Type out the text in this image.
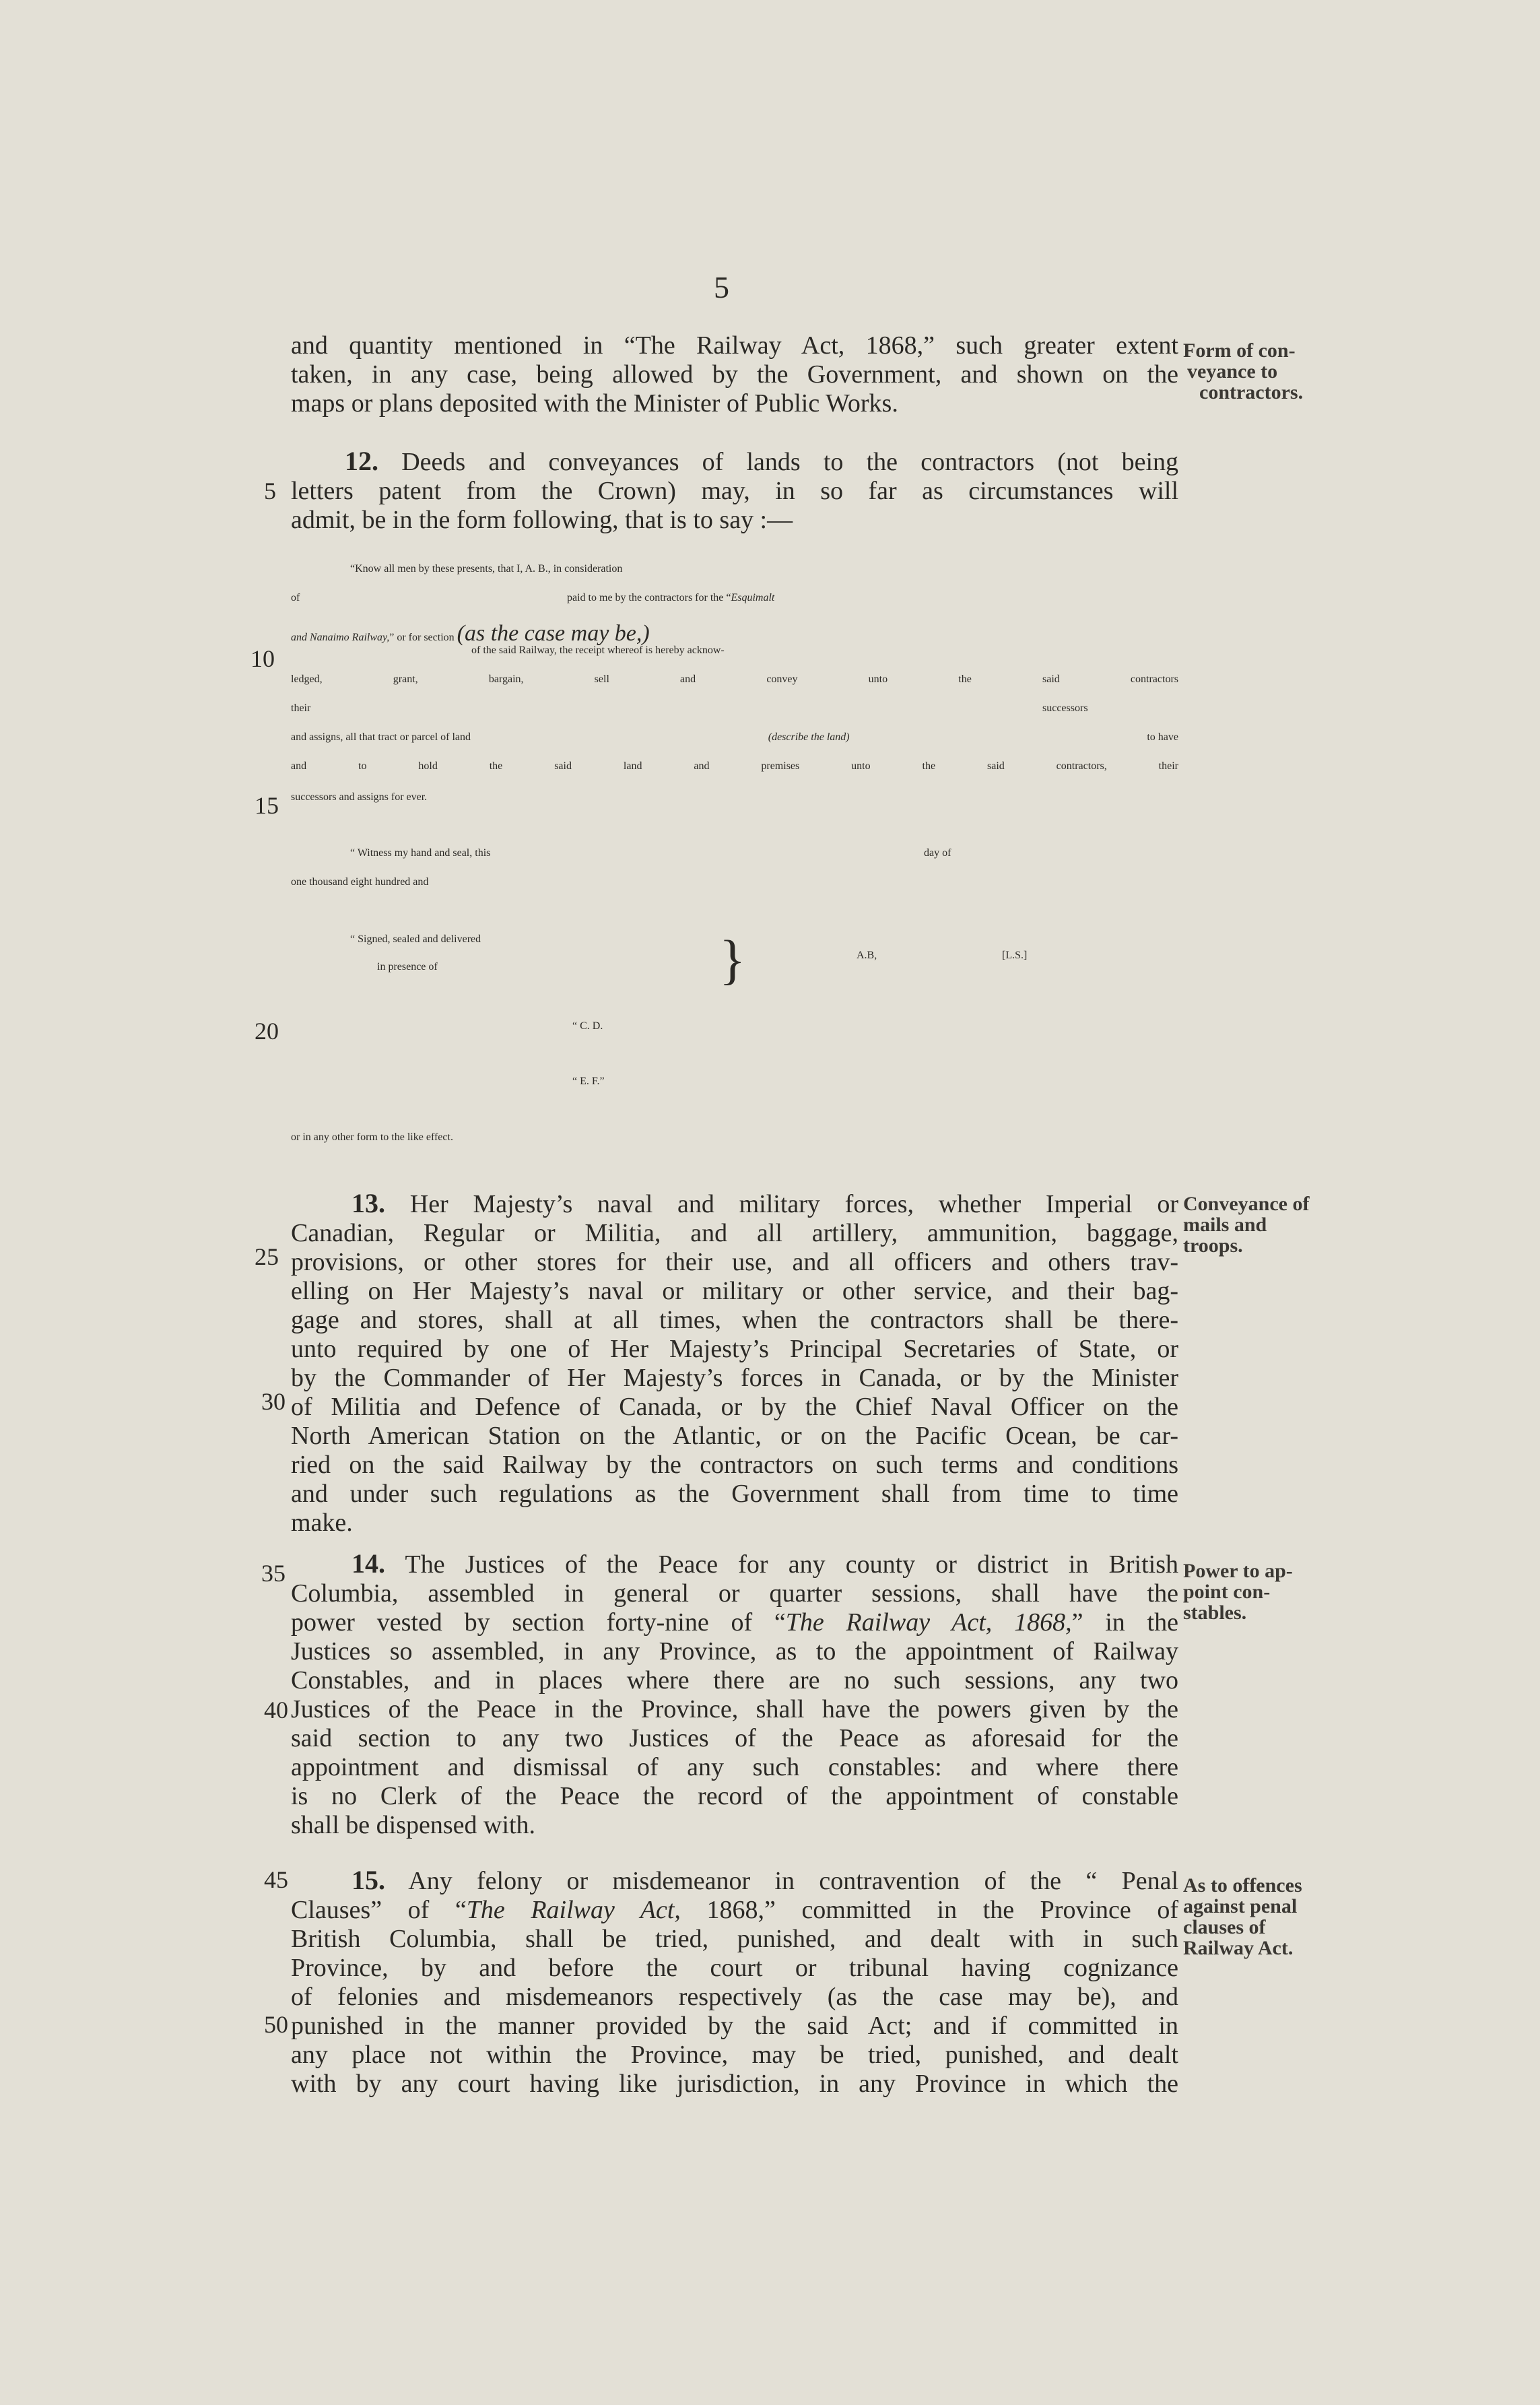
5
5
10
15
20
25
30
35
40
45
50
Form of con-
veyance to
contractors.
Conveyance of
mails and
troops.
Power to ap-
point con-
stables.
As to offences
against penal
clauses of
Railway Act.
and quantity mentioned in “The Railway Act, 1868,” such greater extent
taken, in any case, being allowed by the Government, and shown on the
maps or plans deposited with the Minister of Public Works.
12. Deeds and conveyances of lands to the contractors (not being
letters patent from the Crown) may, in so far as circumstances will
admit, be in the form following, that is to say :—
“Know all men by these presents, that I, A. B., in consideration
of	paid to me by the contractors for the “Esquimalt
and Nanaimo Railway,” or for section (as the case may be,)
of the said Railway, the receipt whereof is hereby acknow-
ledged, grant, bargain, sell and convey unto the said contractors
their	successors
and assigns, all that tract or parcel of land	(describe the land)	to have
and to hold the said land and premises unto the said contractors, their
successors and assigns for ever.
“ Witness my hand and seal, this	day of
one thousand eight hundred and
“ Signed, sealed and delivered
in presence of	}	A.B,	[L.S.]
“ C. D.
“ E. F.”
or in any other form to the like effect.
13. Her Majesty’s naval and military forces, whether Imperial or
Canadian, Regular or Militia, and all artillery, ammunition, baggage,
provisions, or other stores for their use, and all officers and others trav-
elling on Her Majesty’s naval or military or other service, and their bag-
gage and stores, shall at all times, when the contractors shall be there-
unto required by one of Her Majesty’s Principal Secretaries of State, or
by the Commander of Her Majesty’s forces in Canada, or by the Minister
of Militia and Defence of Canada, or by the Chief Naval Officer on the
North American Station on the Atlantic, or on the Pacific Ocean, be car-
ried on the said Railway by the contractors on such terms and conditions
and under such regulations as the Government shall from time to time
make.
14. The Justices of the Peace for any county or district in British
Columbia, assembled in general or quarter sessions, shall have the
power vested by section forty-nine of “The Railway Act, 1868,” in the
Justices so assembled, in any Province, as to the appointment of Railway
Constables, and in places where there are no such sessions, any two
Justices of the Peace in the Province, shall have the powers given by the
said section to any two Justices of the Peace as aforesaid for the
appointment and dismissal of any such constables: and where there
is no Clerk of the Peace the record of the appointment of constable
shall be dispensed with.
15. Any felony or misdemeanor in contravention of the “ Penal
Clauses” of “The Railway Act, 1868,” committed in the Province of
British Columbia, shall be tried, punished, and dealt with in such
Province, by and before the court or tribunal having cognizance
of felonies and misdemeanors respectively (as the case may be), and
punished in the manner provided by the said Act; and if committed in
any place not within the Province, may be tried, punished, and dealt
with by any court having like jurisdiction, in any Province in which the
